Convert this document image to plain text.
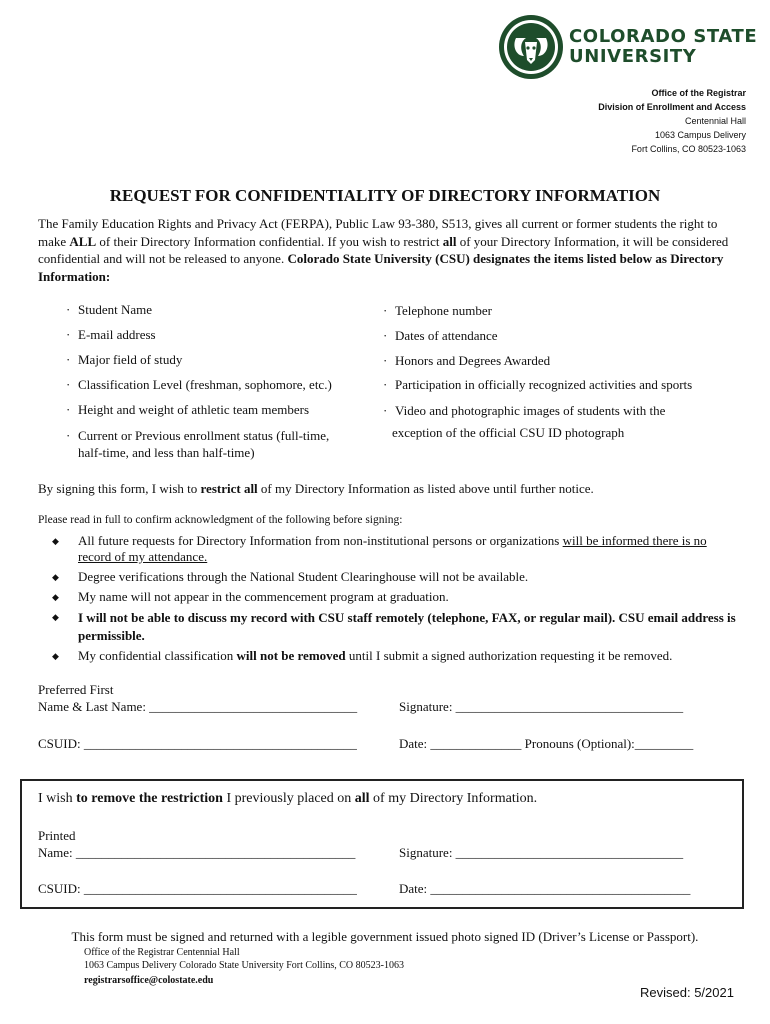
COLORADO STATE
UNIVERSITY
Office of the Registrar
Division of Enrollment and Access
Centennial Hall
1063 Campus Delivery
Fort Collins, CO 80523-1063
REQUEST FOR CONFIDENTIALITY OF DIRECTORY INFORMATION
The Family Education Rights and Privacy Act (FERPA), Public Law 93-380, S513, gives all current or former students the right to make ALL of their Directory Information confidential. If you wish to restrict all of your Directory Information, it will be considered confidential and will not be released to anyone. Colorado State University (CSU) designates the items listed below as Directory Information:
· Student Name
· E-mail address
· Major field of study
· Classification Level (freshman, sophomore, etc.)
· Height and weight of athletic team members
· Current or Previous enrollment status (full-time,
half-time, and less than half-time)
· Telephone number
· Dates of attendance
· Honors and Degrees Awarded
· Participation in officially recognized activities and sports
· Video and photographic images of students with the
exception of the official CSU ID photograph
By signing this form, I wish to restrict all of my Directory Information as listed above until further notice.
Please read in full to confirm acknowledgment of the following before signing:
◆ All future requests for Directory Information from non-institutional persons or organizations will be informed there is no record of my attendance.
◆ Degree verifications through the National Student Clearinghouse will not be available.
◆ My name will not appear in the commencement program at graduation.
◆ I will not be able to discuss my record with CSU staff remotely (telephone, FAX, or regular mail). CSU email address is permissible.
◆ My confidential classification will not be removed until I submit a signed authorization requesting it be removed.
Preferred First
Name & Last Name: ________________________________	Signature: ___________________________________
CSUID: __________________________________________	Date: ______________ Pronouns (Optional):_________
I wish to remove the restriction I previously placed on all of my Directory Information.
Printed
Name: ___________________________________________	Signature: ___________________________________
CSUID: __________________________________________	Date: ________________________________________
This form must be signed and returned with a legible government issued photo signed ID (Driver’s License or Passport).
Office of the Registrar Centennial Hall
1063 Campus Delivery Colorado State University Fort Collins, CO 80523-1063
registrarsoffice@colostate.edu
Revised: 5/2021
